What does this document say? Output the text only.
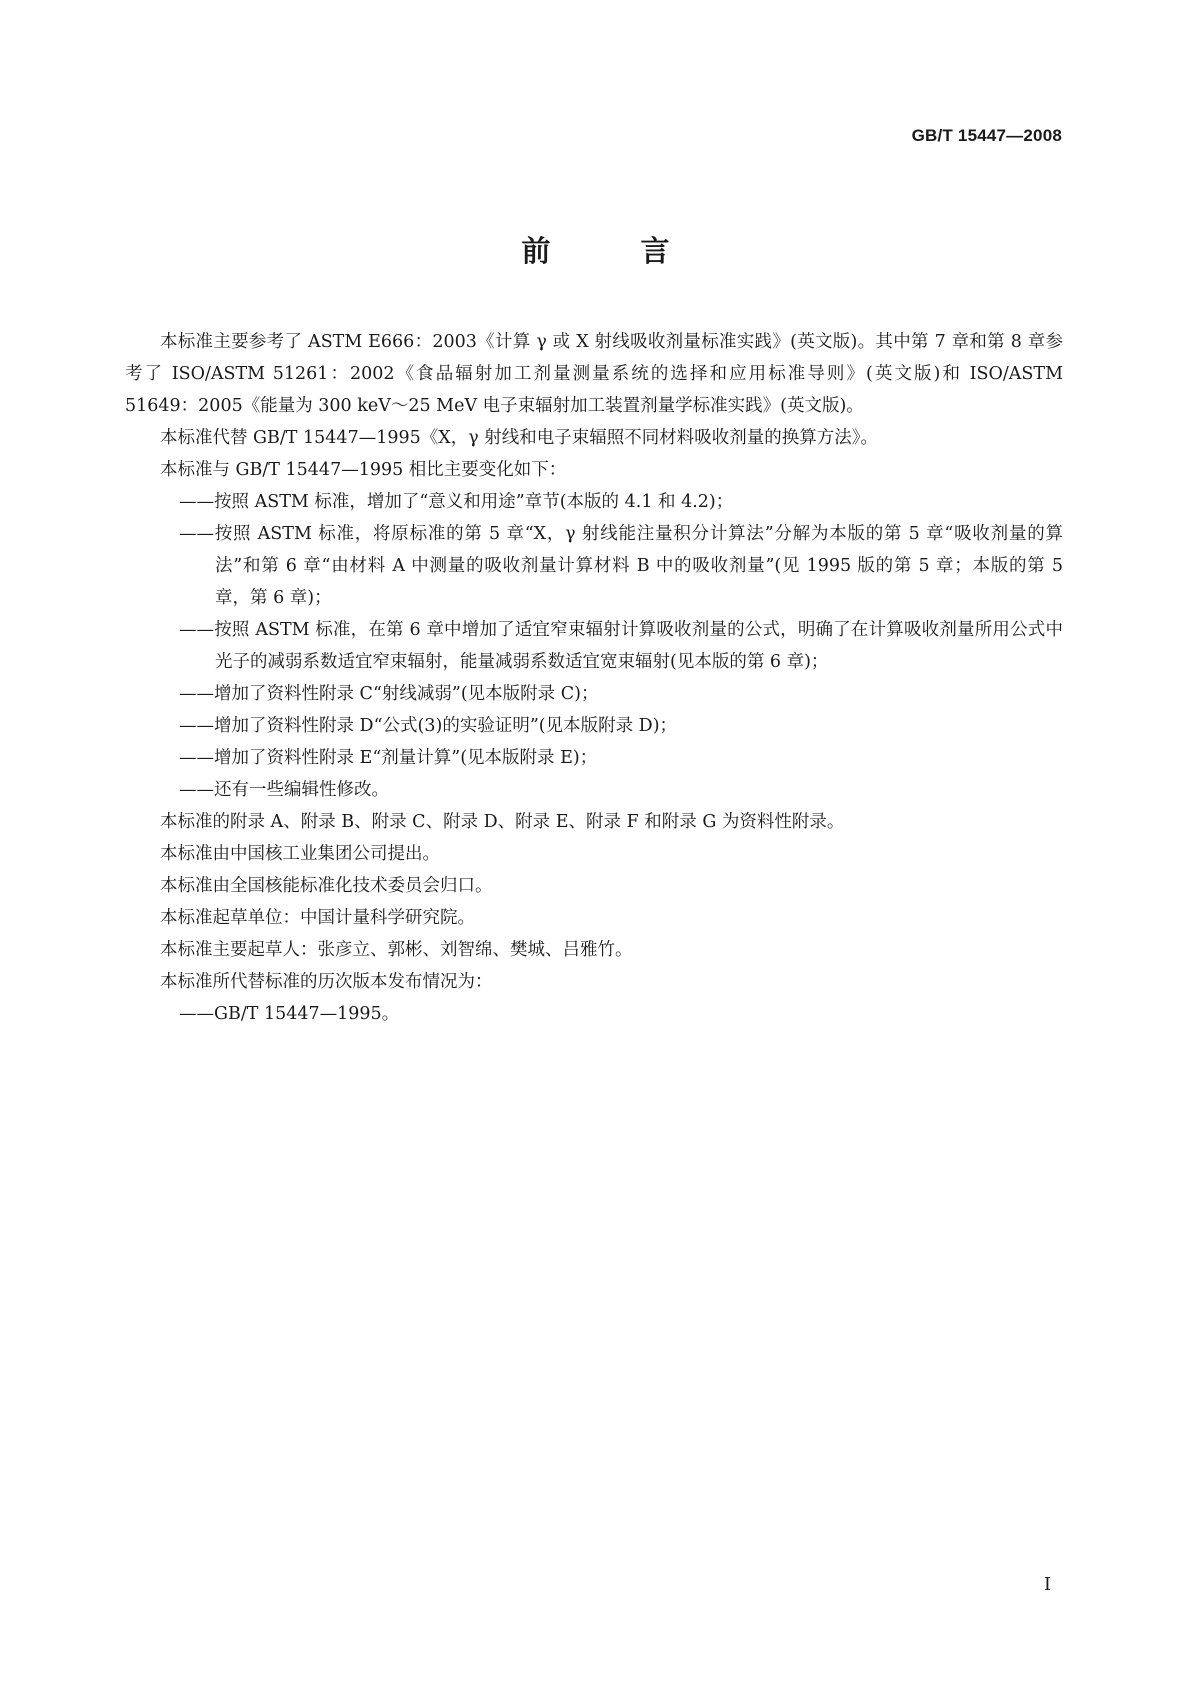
GB/T 15447—2008
前 言

本标准主要参考了 ASTM E666：2003《计算 γ 或 X 射线吸收剂量标准实践》(英文版)。其中第 7 章和第 8 章参考了 ISO/ASTM 51261：2002《食品辐射加工剂量测量系统的选择和应用标准导则》(英文版)和 ISO/ASTM 51649：2005《能量为 300 keV～25 MeV 电子束辐射加工装置剂量学标准实践》(英文版)。

本标准代替 GB/T 15447—1995《X，γ 射线和电子束辐照不同材料吸收剂量的换算方法》。

本标准与 GB/T 15447—1995 相比主要变化如下：

——按照 ASTM 标准，增加了“意义和用途”章节(本版的 4.1 和 4.2)；

——按照 ASTM 标准，将原标准的第 5 章“X，γ 射线能注量积分计算法”分解为本版的第 5 章“吸收剂量的算法”和第 6 章“由材料 A 中测量的吸收剂量计算材料 B 中的吸收剂量”(见 1995 版的第 5 章；本版的第 5 章，第 6 章)；

——按照 ASTM 标准，在第 6 章中增加了适宜窄束辐射计算吸收剂量的公式，明确了在计算吸收剂量所用公式中光子的减弱系数适宜窄束辐射，能量减弱系数适宜宽束辐射(见本版的第 6 章)；

——增加了资料性附录 C“射线减弱”(见本版附录 C)；

——增加了资料性附录 D“公式(3)的实验证明”(见本版附录 D)；

——增加了资料性附录 E“剂量计算”(见本版附录 E)；

——还有一些编辑性修改。

本标准的附录 A、附录 B、附录 C、附录 D、附录 E、附录 F 和附录 G 为资料性附录。

本标准由中国核工业集团公司提出。

本标准由全国核能标准化技术委员会归口。

本标准起草单位：中国计量科学研究院。

本标准主要起草人：张彦立、郭彬、刘智绵、樊城、吕雅竹。

本标准所代替标准的历次版本发布情况为：

——GB/T 15447—1995。

I
